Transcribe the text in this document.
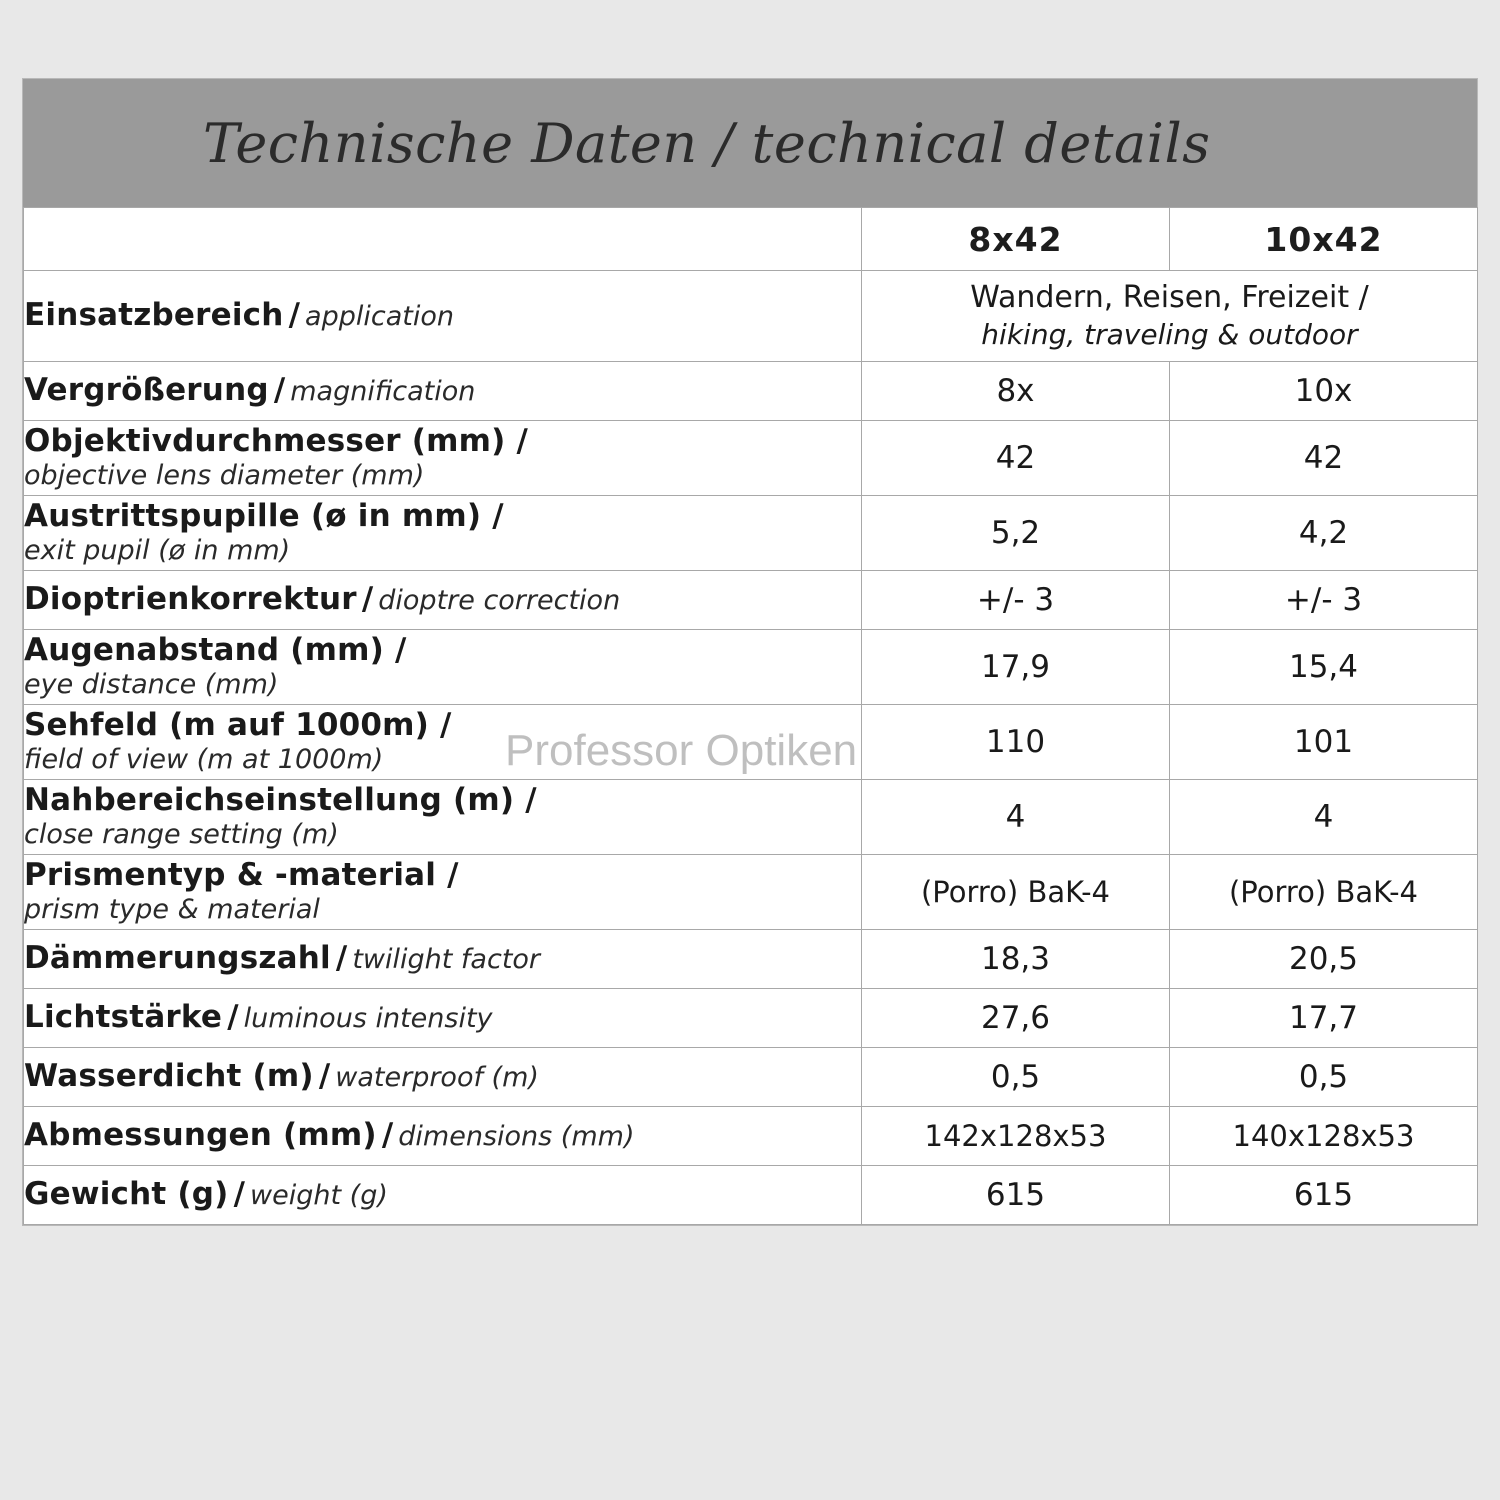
Technische Daten / technical details
	8x42	10x42
Einsatzbereich / application	Wandern, Reisen, Freizeit /
hiking, traveling & outdoor	

Vergrößerung / magnification	8x	10x

Objektivdurchmesser (mm) /
objective lens diameter (mm)	42	42

Austrittspupille (ø in mm) /
exit pupil (ø in mm)	5,2	4,2
Dioptrienkorrektur / dioptre correction	+/- 3	+/- 3

Augenabstand (mm) /
eye distance (mm)	17,9	15,4

Sehfeld (m auf 1000m) /
field of view (m at 1000m)	110	101

Nahbereichseinstellung (m) /
close range setting (m)	4	4

Prismentyp & -material /
prism type & material	(Porro) BaK-4	(Porro) BaK-4
Dämmerungszahl / twilight factor	18,3	20,5
Lichtstärke / luminous intensity	27,6	17,7
Wasserdicht (m) / waterproof (m)	0,5	0,5
Abmessungen (mm) / dimensions (mm)	142x128x53	140x128x53
Gewicht (g) / weight (g)	615	615
Professor Optiken
